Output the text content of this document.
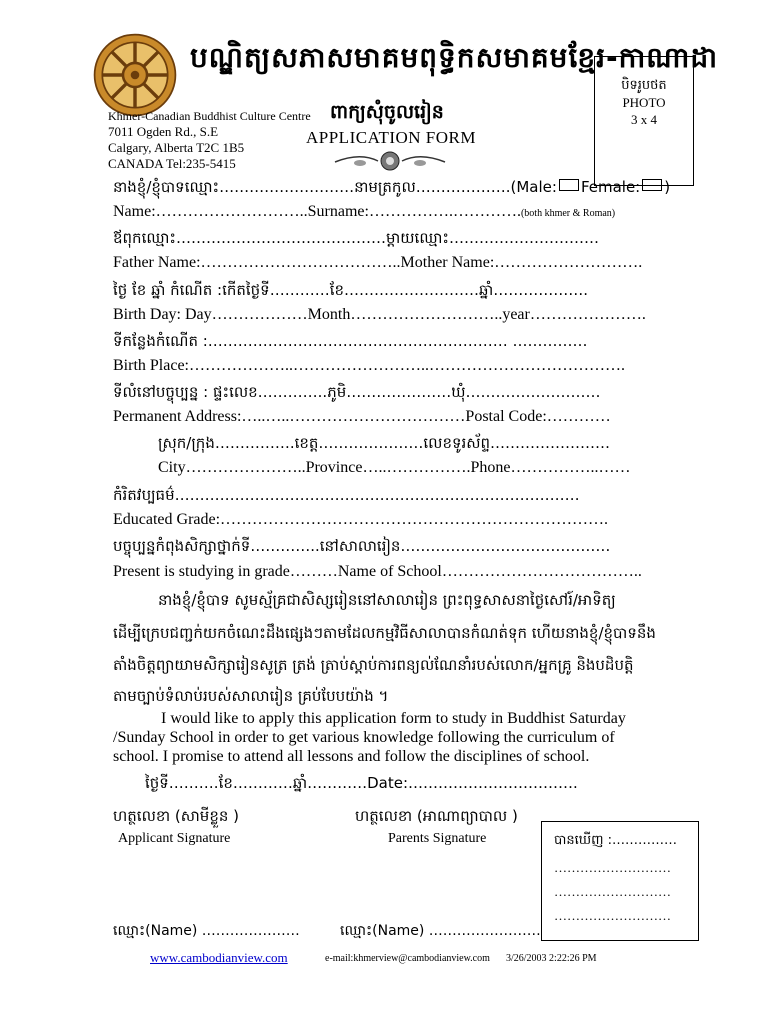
បណ្ឌិត្យសភាសមាគមពុទ្ធិកសមាគមខ្មែរ-កាណាដា
Khmer-Canadian Buddhist Culture Centre
7011 Ogden Rd., S.E
Calgary, Alberta T2C 1B5
CANADA Tel:235-5415
ពាក្យសុំចូលរៀន
APPLICATION FORM
បិទរូបថត
PHOTO
3 x 4
នាងខ្ញុំ/ខ្ញុំបាទឈ្មោះ………………………នាមត្រកូល……………….(Male: Female: )
Name:………………………..Surname:…………….………….(both khmer & Roman)
ឪពុកឈ្មោះ……………………………………ម្ដាយឈ្មោះ…………………………
Father Name:………………………………..Mother Name:……………………….
ថ្ងៃ ខែ ឆ្នាំ កំណើត :កើតថ្ងៃទី…………ខែ………………………ឆ្នាំ……………….
Birth Day: Day………………Month………………………..year………………….
ទីកន្លែងកំណើត :…………………………………………………… ……………
Birth Place:………………..……………………..……………………………….
ទីលំនៅបច្ចុប្បន្ន : ផ្ទះលេខ…………..ភូមិ…………………ឃុំ………………………
Permanent Address:…..…..……………………………Postal Code:…………
ស្រុក/ក្រុង…………….ខេត្ត…………………លេខទូរស័ព្ទ……………………
City…………………..Province…..…………….Phone……………..……
កំរិតវប្បធម៌………………………………………………………………………
Educated Grade:……………………………………………………………….
បច្ចុប្បន្នកំពុងសិក្សាថ្នាក់ទី…………..នៅសាលារៀន……………………………………
Present is studying in grade………Name of School………………………………..
នាងខ្ញុំ/ខ្ញុំបាទ សូមស្ម័គ្រជាសិស្សរៀននៅសាលារៀន ព្រះពុទ្ធសាសនាថ្ងៃសៅរ៍/អាទិត្យ
ដើម្បីក្រេបជញ្ជក់យកចំណេះដឹងផ្សេងៗតាមដែលកម្មវិធីសាលាបានកំណត់ទុក ហើយនាងខ្ញុំ/ខ្ញុំបាទនឹង
តាំងចិត្តព្យាយាមសិក្សារៀនសូត្រ ត្រង់ ត្រាប់ស្ដាប់ការពន្យល់ណែនាំរបស់លោក/អ្នកគ្រូ និងបដិបត្តិ
តាមច្បាប់ទំលាប់របស់សាលារៀន គ្រប់បែបយ៉ាង ។
I would like to apply this application form to study in Buddhist Saturday /Sunday School in order to get various knowledge following the curriculum of school. I promise to attend all lessons and follow the disciplines of school.
ថ្ងៃទី……….ខែ…………ឆ្នាំ…………Date:…………………………….
ហត្ថលេខា (សាមីខ្លួន )
Applicant Signature
ហត្ថលេខា (អាណាព្យាបាល )
Parents Signature
ឈ្មោះ(Name) …………………	ឈ្មោះ(Name) ……………………
បានឃើញ :……………
………………………
………………………
………………………
www.cambodianview.com	e-mail:khmerview@cambodianview.com 3/26/2003 2:22:26 PM
